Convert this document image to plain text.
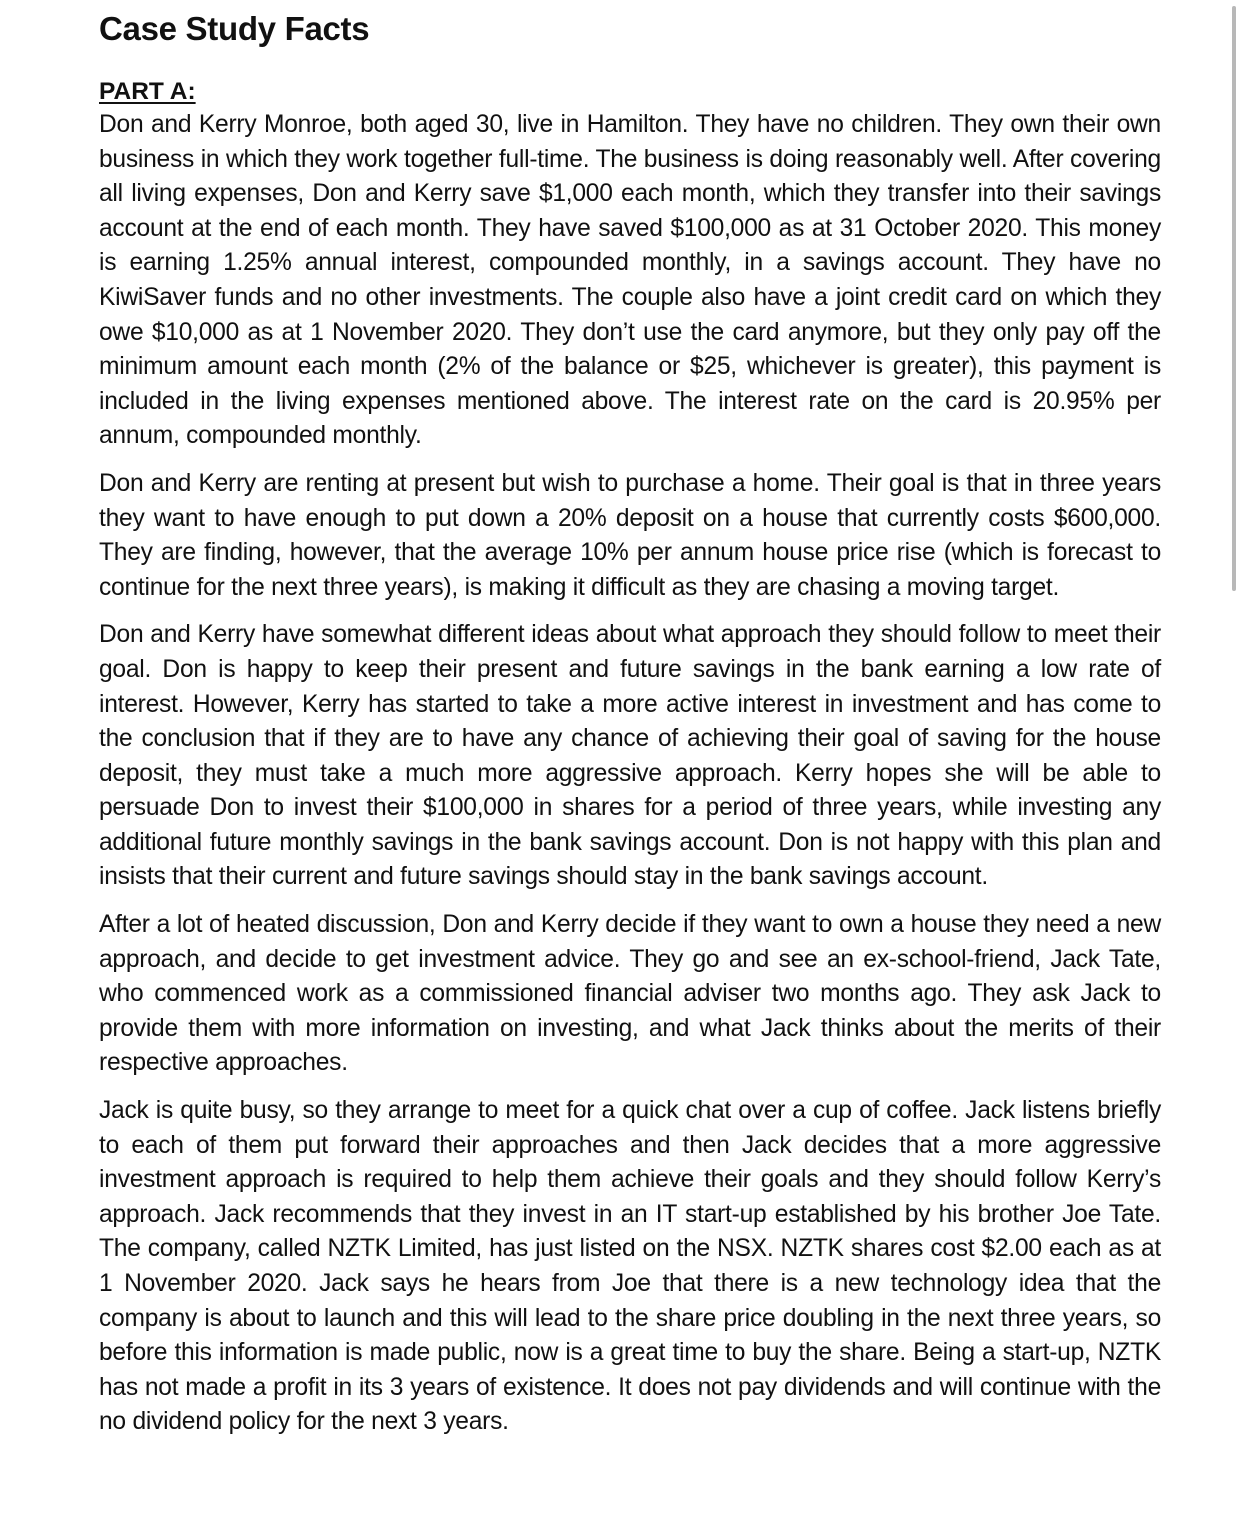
Case Study Facts
PART A:

Don and Kerry Monroe, both aged 30, live in Hamilton. They have no children. They own their own business in which they work together full-time. The business is doing reasonably well. After covering all living expenses, Don and Kerry save $1,000 each month, which they transfer into their savings account at the end of each month. They have saved $100,000 as at 31 October 2020. This money is earning 1.25% annual interest, compounded monthly, in a savings account. They have no KiwiSaver funds and no other investments. The couple also have a joint credit card on which they owe $10,000 as at 1 November 2020. They don’t use the card anymore, but they only pay off the minimum amount each month (2% of the balance or $25, whichever is greater), this payment is included in the living expenses mentioned above. The interest rate on the card is 20.95% per annum, compounded monthly.

Don and Kerry are renting at present but wish to purchase a home. Their goal is that in three years they want to have enough to put down a 20% deposit on a house that currently costs $600,000. They are finding, however, that the average 10% per annum house price rise (which is forecast to continue for the next three years), is making it difficult as they are chasing a moving target.

Don and Kerry have somewhat different ideas about what approach they should follow to meet their goal. Don is happy to keep their present and future savings in the bank earning a low rate of interest. However, Kerry has started to take a more active interest in investment and has come to the conclusion that if they are to have any chance of achieving their goal of saving for the house deposit, they must take a much more aggressive approach. Kerry hopes she will be able to persuade Don to invest their $100,000 in shares for a period of three years, while investing any additional future monthly savings in the bank savings account. Don is not happy with this plan and insists that their current and future savings should stay in the bank savings account.

After a lot of heated discussion, Don and Kerry decide if they want to own a house they need a new approach, and decide to get investment advice. They go and see an ex-school-friend, Jack Tate, who commenced work as a commissioned financial adviser two months ago. They ask Jack to provide them with more information on investing, and what Jack thinks about the merits of their respective approaches.

Jack is quite busy, so they arrange to meet for a quick chat over a cup of coffee. Jack listens briefly to each of them put forward their approaches and then Jack decides that a more aggressive investment approach is required to help them achieve their goals and they should follow Kerry’s approach. Jack recommends that they invest in an IT start-up established by his brother Joe Tate. The company, called NZTK Limited, has just listed on the NSX. NZTK shares cost $2.00 each as at 1 November 2020. Jack says he hears from Joe that there is a new technology idea that the company is about to launch and this will lead to the share price doubling in the next three years, so before this information is made public, now is a great time to buy the share. Being a start-up, NZTK has not made a profit in its 3 years of existence. It does not pay dividends and will continue with the no dividend policy for the next 3 years.
